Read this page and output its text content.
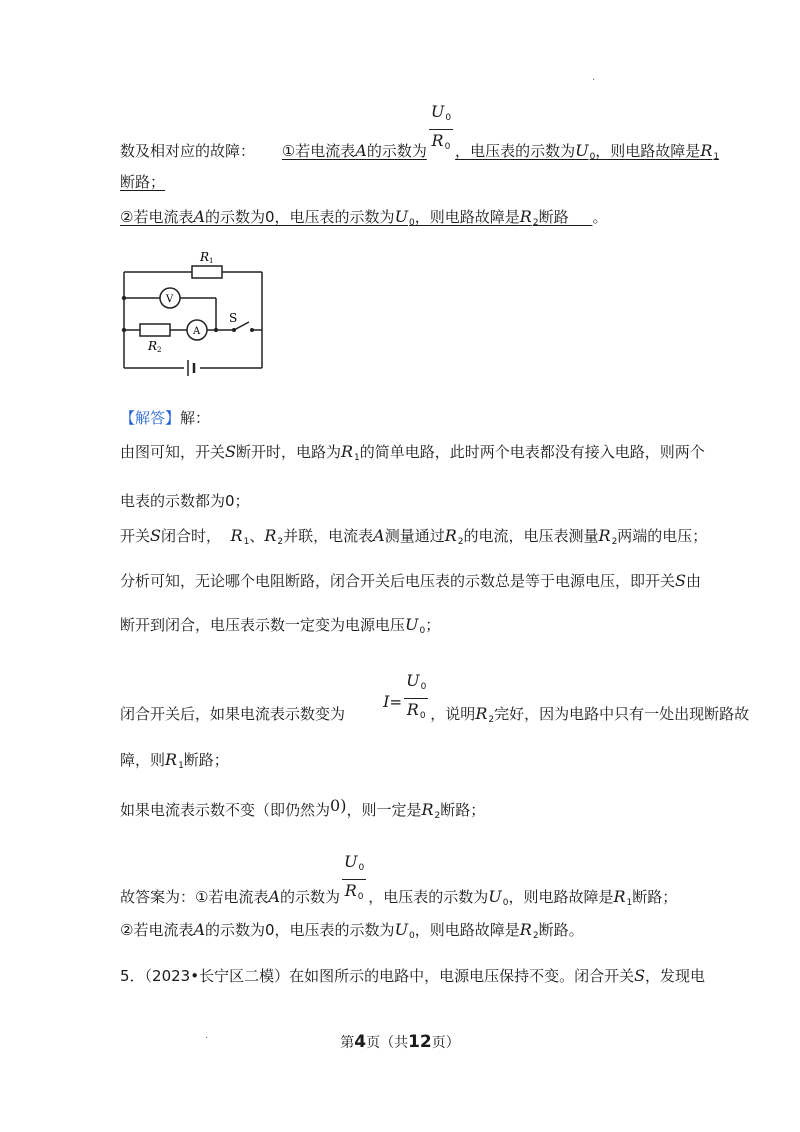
.
数及相对应的故障： ①若电流表A的示数为 $\frac{U_0}{R_0}$ ，电压表的示数为$U_0$，则电路故障是$R_1$
断路；
②若电流表A的示数为0，电压表的示数为$U_0$，则电路故障是$R_2$断路 。
R 1
V
A
S
R 2
【解答】解：
由图可知，开关S断开时，电路为$R_1$的简单电路，此时两个电表都没有接入电路，则两个
电表的示数都为0；
开关S闭合时， $R_1$、$R_2$并联，电流表A测量通过$R_2$的电流，电压表测量$R_2$两端的电压；
分析可知，无论哪个电阻断路，闭合开关后电压表的示数总是等于电源电压，即开关S由
断开到闭合，电压表示数一定变为电源电压$U_0$；
闭合开关后，如果电流表示数变为        $I= \frac{U_0}{R_0}$ ，说明$R_2$完好，因为电路中只有一处出现断路故
障，则$R_1$断路；
如果电流表示数不变（即仍然为0)，则一定是$R_2$断路；
故答案为：①若电流表A的示数为 $\frac{U_0}{R_0}$ ，电压表的示数为$U_0$，则电路故障是$R_1$断路；
②若电流表A的示数为0，电压表的示数为$U_0$，则电路故障是$R_2$断路。
5．（2023•长宁区二模）在如图所示的电路中，电源电压保持不变。闭合开关S，发现电
.	第4页（共12页）
